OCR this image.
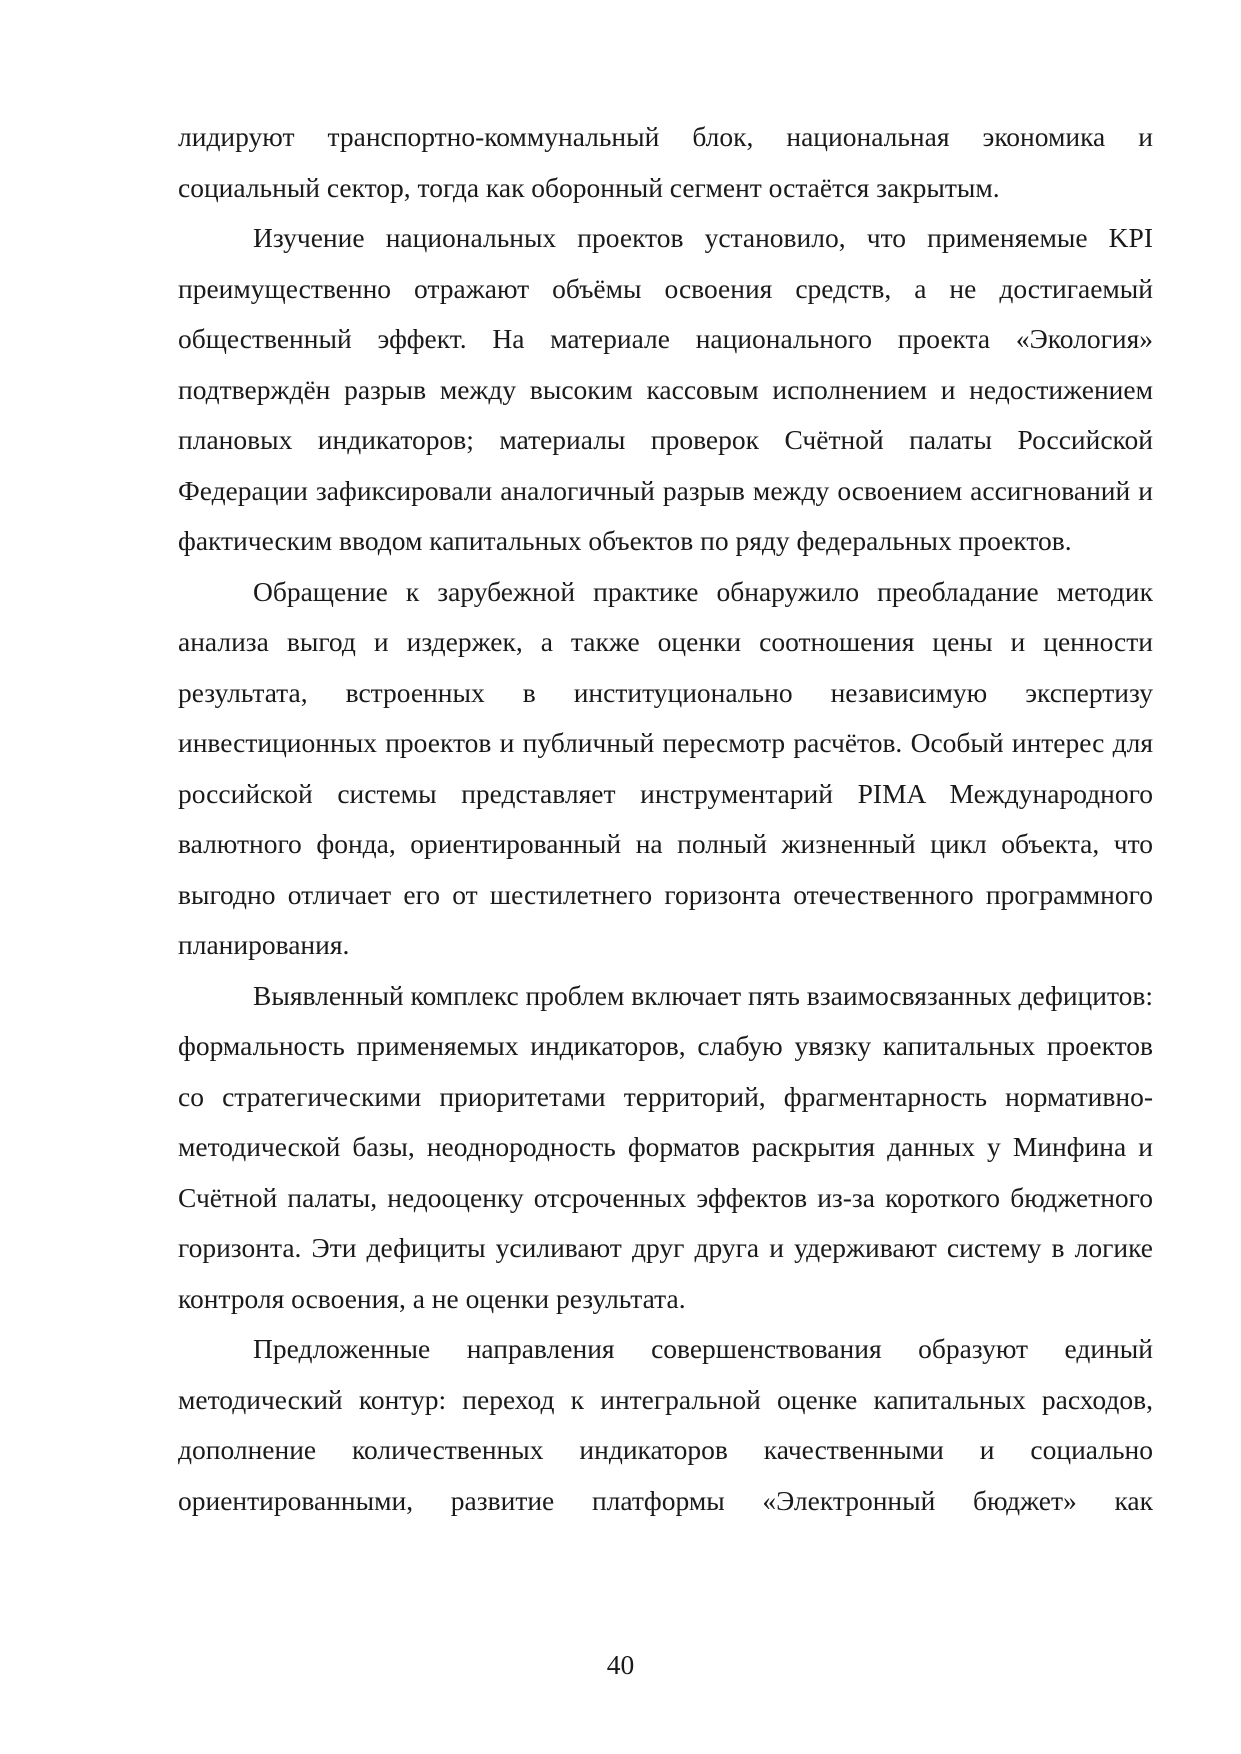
лидируют транспортно-коммунальный блок, национальная экономика и социальный сектор, тогда как оборонный сегмент остаётся закрытым.

Изучение национальных проектов установило, что применяемые KPI преимущественно отражают объёмы освоения средств, а не достигаемый общественный эффект. На материале национального проекта «Экология» подтверждён разрыв между высоким кассовым исполнением и недостижением плановых индикаторов; материалы проверок Счётной палаты Российской Федерации зафиксировали аналогичный разрыв между освоением ассигнований и фактическим вводом капитальных объектов по ряду федеральных проектов.

Обращение к зарубежной практике обнаружило преобладание методик анализа выгод и издержек, а также оценки соотношения цены и ценности результата, встроенных в институционально независимую экспертизу инвестиционных проектов и публичный пересмотр расчётов. Особый интерес для российской системы представляет инструментарий PIMA Международного валютного фонда, ориентированный на полный жизненный цикл объекта, что выгодно отличает его от шестилетнего горизонта отечественного программного планирования.

Выявленный комплекс проблем включает пять взаимосвязанных дефицитов: формальность применяемых индикаторов, слабую увязку капитальных проектов со стратегическими приоритетами территорий, фрагментарность нормативно-методической базы, неоднородность форматов раскрытия данных у Минфина и Счётной палаты, недооценку отсроченных эффектов из-за короткого бюджетного горизонта. Эти дефициты усиливают друг друга и удерживают систему в логике контроля освоения, а не оценки результата.

Предложенные направления совершенствования образуют единый методический контур: переход к интегральной оценке капитальных расходов, дополнение количественных индикаторов качественными и социально ориентированными, развитие платформы «Электронный бюджет» как

40
